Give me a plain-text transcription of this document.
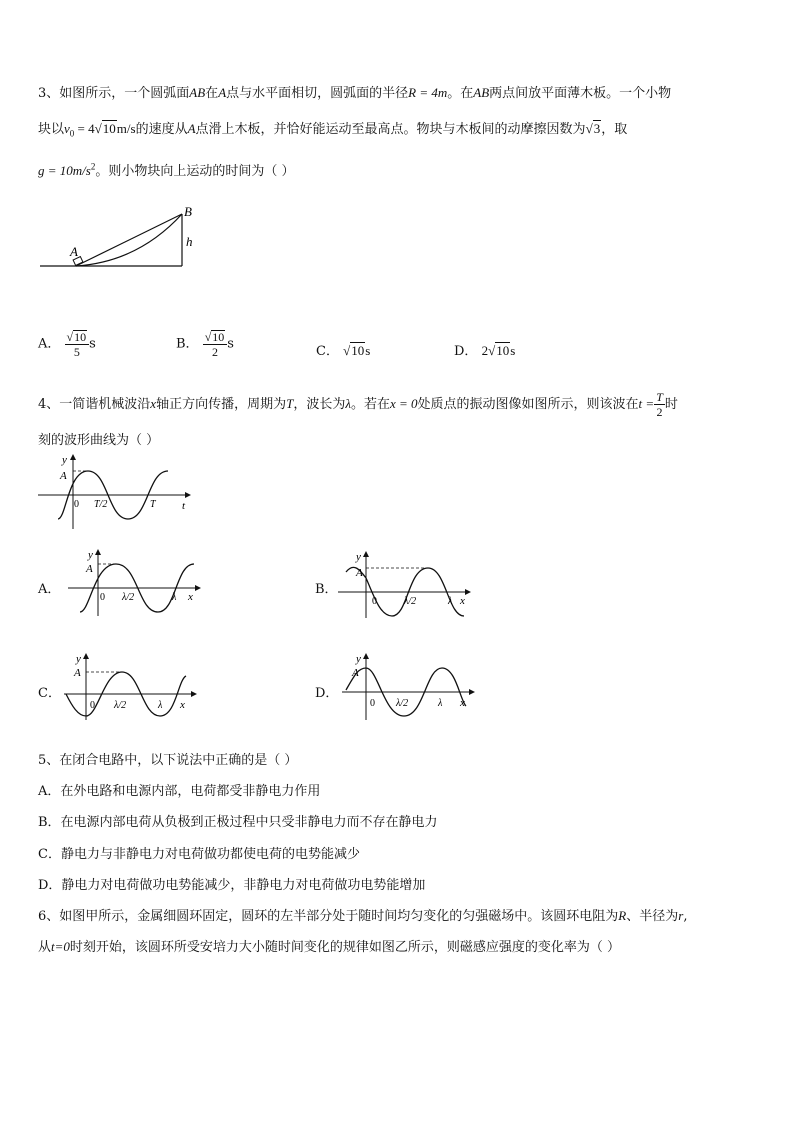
3、如图所示，一个圆弧面AB在A点与水平面相切，圆弧面的半径R = 4m。在AB两点间放平面薄木板。一个小物
块以$v_0 = 4√10m/s$的速度从A点滑上木板，并恰好能运动至最高点。物块与木板间的动摩擦因数为√3，取
$g = 10m/s^2$。则小物块向上运动的时间为（ ）
A
B
h
A． $\frac{√10}{5}$ s	B． $\frac{√10}{2}$ s	C． √10s	D． 2√10s
4、一简谐机械波沿x轴正方向传播，周期为T，波长为λ。若在x = 0处质点的振动图像如图所示，则该波在$t = \frac{T}{2}$ 时
刻的波形曲线为（ ）
y
A
0 T/2	T t
A．
y
A
0 λ/2	λ x	B．
y
A
0	λ/2	λ x
C．
y
A
0 λ/2	λ x
D．
y
A
0 λ/2	λ x
5、在闭合电路中，以下说法中正确的是（ ）
A．在外电路和电源内部，电荷都受非静电力作用
B．在电源内部电荷从负极到正极过程中只受非静电力而不存在静电力
C．静电力与非静电力对电荷做功都使电荷的电势能减少
D．静电力对电荷做功电势能减少，非静电力对电荷做功电势能增加
6、如图甲所示，金属细圆环固定，圆环的左半部分处于随时间均匀变化的匀强磁场中。该圆环电阻为R、半径为r,
从t=0时刻开始，该圆环所受安培力大小随时间变化的规律如图乙所示，则磁感应强度的变化率为（ ）
